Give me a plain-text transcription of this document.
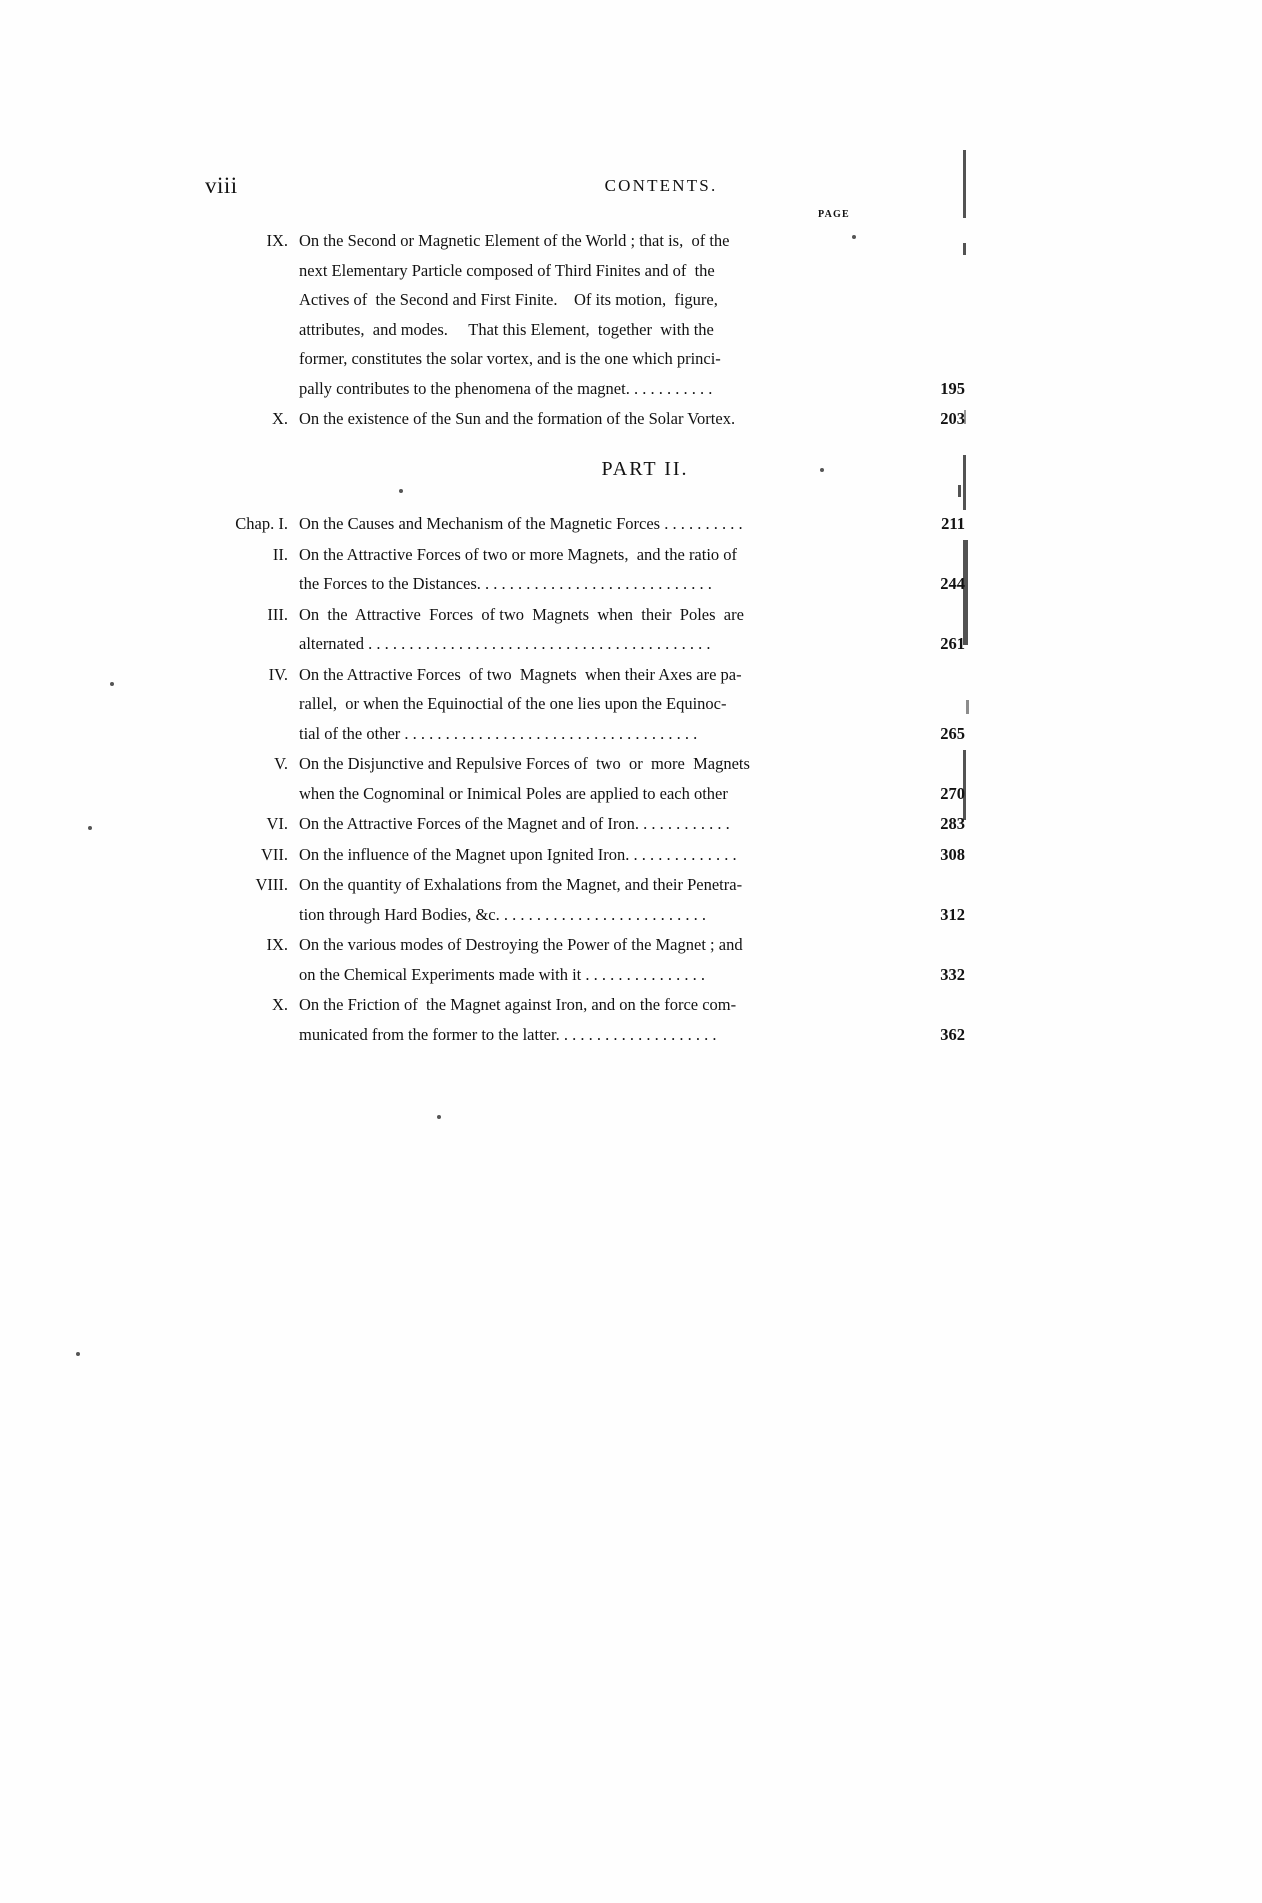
viii	CONTENTS.
PAGE
IX. On the Second or Magnetic Element of the World ; that is,  of the
next Elementary Particle composed of Third Finites and of  the
Actives of  the Second and First Finite.    Of its motion,  figure,
attributes,  and modes.     That this Element,  together  with the
former, constitutes the solar vortex, and is the one which princi-
pally contributes to the phenomena of the magnet. . . . . . . . . . .	195
X. On the existence of the Sun and the formation of the Solar Vortex.	203
PART II.
Chap. I. On the Causes and Mechanism of the Magnetic Forces . . . . . . . . . .	211
II. On the Attractive Forces of two or more Magnets,  and the ratio of
the Forces to the Distances. . . . . . . . . . . . . . . . . . . . . . . . . . . . .	244
III. On  the  Attractive  Forces  of two  Magnets  when  their  Poles  are
alternated . . . . . . . . . . . . . . . . . . . . . . . . . . . . . . . . . . . . . . . . . .	261
IV. On the Attractive Forces  of two  Magnets  when their Axes are pa-
rallel,  or when the Equinoctial of the one lies upon the Equinoc-
tial of the other . . . . . . . . . . . . . . . . . . . . . . . . . . . . . . . . . . . .	265
V. On the Disjunctive and Repulsive Forces of  two  or  more  Magnets
when the Cognominal or Inimical Poles are applied to each other	270
VI. On the Attractive Forces of the Magnet and of Iron. . . . . . . . . . . .	283
VII. On the influence of the Magnet upon Ignited Iron. . . . . . . . . . . . . .	308
VIII. On the quantity of Exhalations from the Magnet, and their Penetra-
tion through Hard Bodies, &c. . . . . . . . . . . . . . . . . . . . . . . . . .	312
IX. On the various modes of Destroying the Power of the Magnet ; and
on the Chemical Experiments made with it . . . . . . . . . . . . . . .	332
X. On the Friction of  the Magnet against Iron, and on the force com-
municated from the former to the latter. . . . . . . . . . . . . . . . . . . .	362
